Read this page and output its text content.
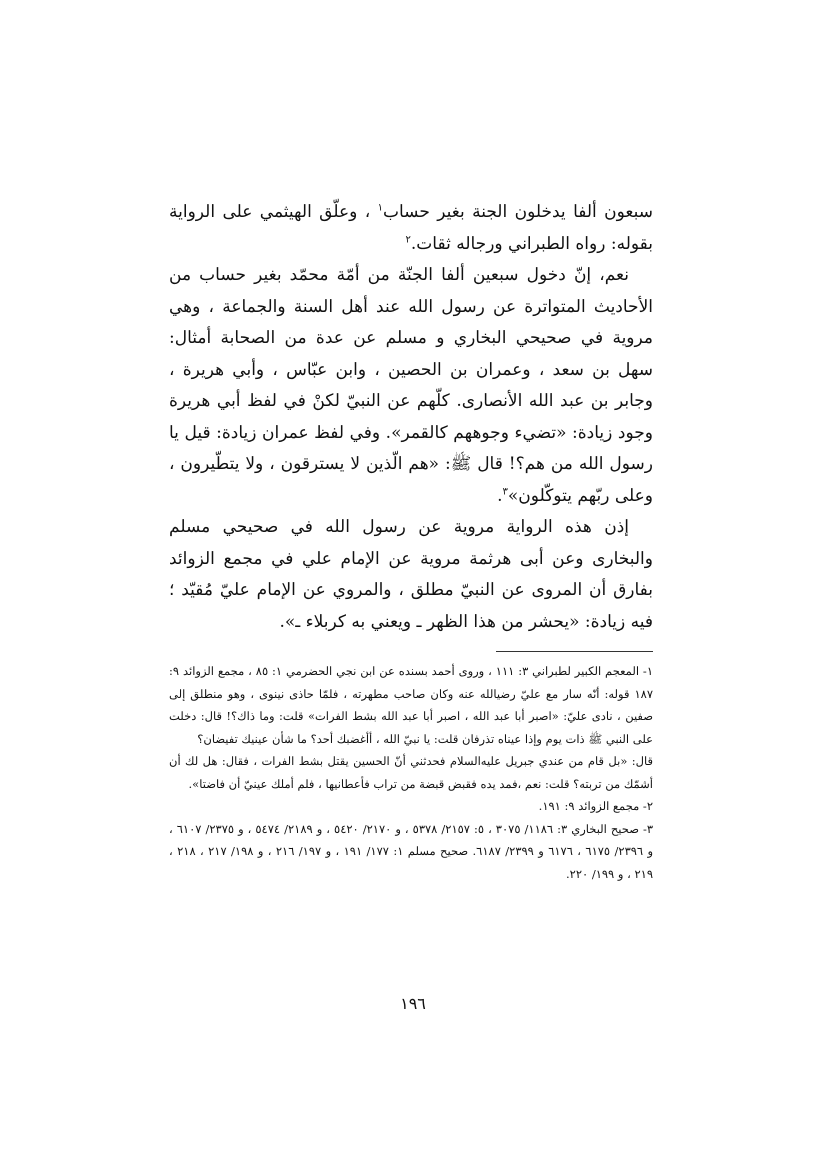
سبعون ألفا يدخلون الجنة بغير حساب$^١$ ، وعلّق الهيثمي على الرواية بقوله: رواه الطبراني ورجاله ثقات.$^٢$

نعم، إنّ دخول سبعين ألفا الجنّة من أمّة محمّد بغير حساب من الأحاديث المتواترة عن رسول الله عند أهل السنة والجماعة ، وهي مروية في صحيحي البخاري و مسلم عن عدة من الصحابة أمثال: سهل بن سعد ، وعمران بن الحصين ، وابن عبّاس ، وأبي هريرة ، وجابر بن عبد الله الأنصارى. كلّهم عن النبيّ لكنْ في لفظ أبي هريرة وجود زيادة: «تضيء وجوههم كالقمر». وفي لفظ عمران زيادة: قيل يا رسول الله من هم؟! قال ﷺ: «هم الّذين لا يسترقون ، ولا يتطّيرون ، وعلى ربّهم يتوكّلون»$^٣$.

إذن هذه الرواية مروية عن رسول الله في صحيحي مسلم والبخارى وعن أبى هرثمة مروية عن الإمام علي في مجمع الزوائد بفارق أن المروى عن النبيّ مطلق ، والمروي عن الإمام عليّ مُقيّد ؛ فيه زيادة: «يحشر من هذا الظهر ـ ويعني به كربلاء ـ».

١- المعجم الكبير لطبراني ٣: ١١١ ، وروى أحمد بسنده عن ابن نجي الحضرمي ١: ٨٥ ، مجمع الزوائد ٩: ١٨٧ قوله: أنّه سار مع عليّ رضيالله عنه وكان صاحب مطهرته ، فلمّا حاذى نينوى ، وهو منطلق إلى صفين ، نادى عليّ: «اصبر أبا عبد الله ، اصبر أبا عبد الله بشط الفرات» قلت: وما ذاك؟! قال: دخلت على النبي ﷺ ذات يوم وإذا عيناه تذرفان قلت: يا نبيّ الله ، أأغضبك أحد؟ ما شأن عينيك تفيضان؟

قال: «بل قام من عندي جبريل عليه‌السلام فحدثني أنّ الحسين يقتل بشط الفرات ، فقال: هل لك أن أشمّك من تربته؟ قلت: نعم ،فمد يده فقبض قبضة من تراب فأعطانيها ، فلم أملك عينيّ أن فاضتا».

٢- مجمع الزوائد ٩: ١٩١.

٣- صحيح البخاري ٣: ١١٨٦/ ٣٠٧٥ ، ٥: ٢١٥٧/ ٥٣٧٨ ، و ٢١٧٠/ ٥٤٢٠ ، و ٢١٨٩/ ٥٤٧٤ ، و ٢٣٧٥/ ٦١٠٧ ، و ٢٣٩٦/ ٦١٧٥ ، ٦١٧٦ و ٢٣٩٩/ ٦١٨٧. صحيح مسلم ١: ١٧٧/ ١٩١ ، و ١٩٧/ ٢١٦ ، و ١٩٨/ ٢١٧ ، ٢١٨ ، ٢١٩ ، و ١٩٩/ ٢٢٠.

١٩٦
